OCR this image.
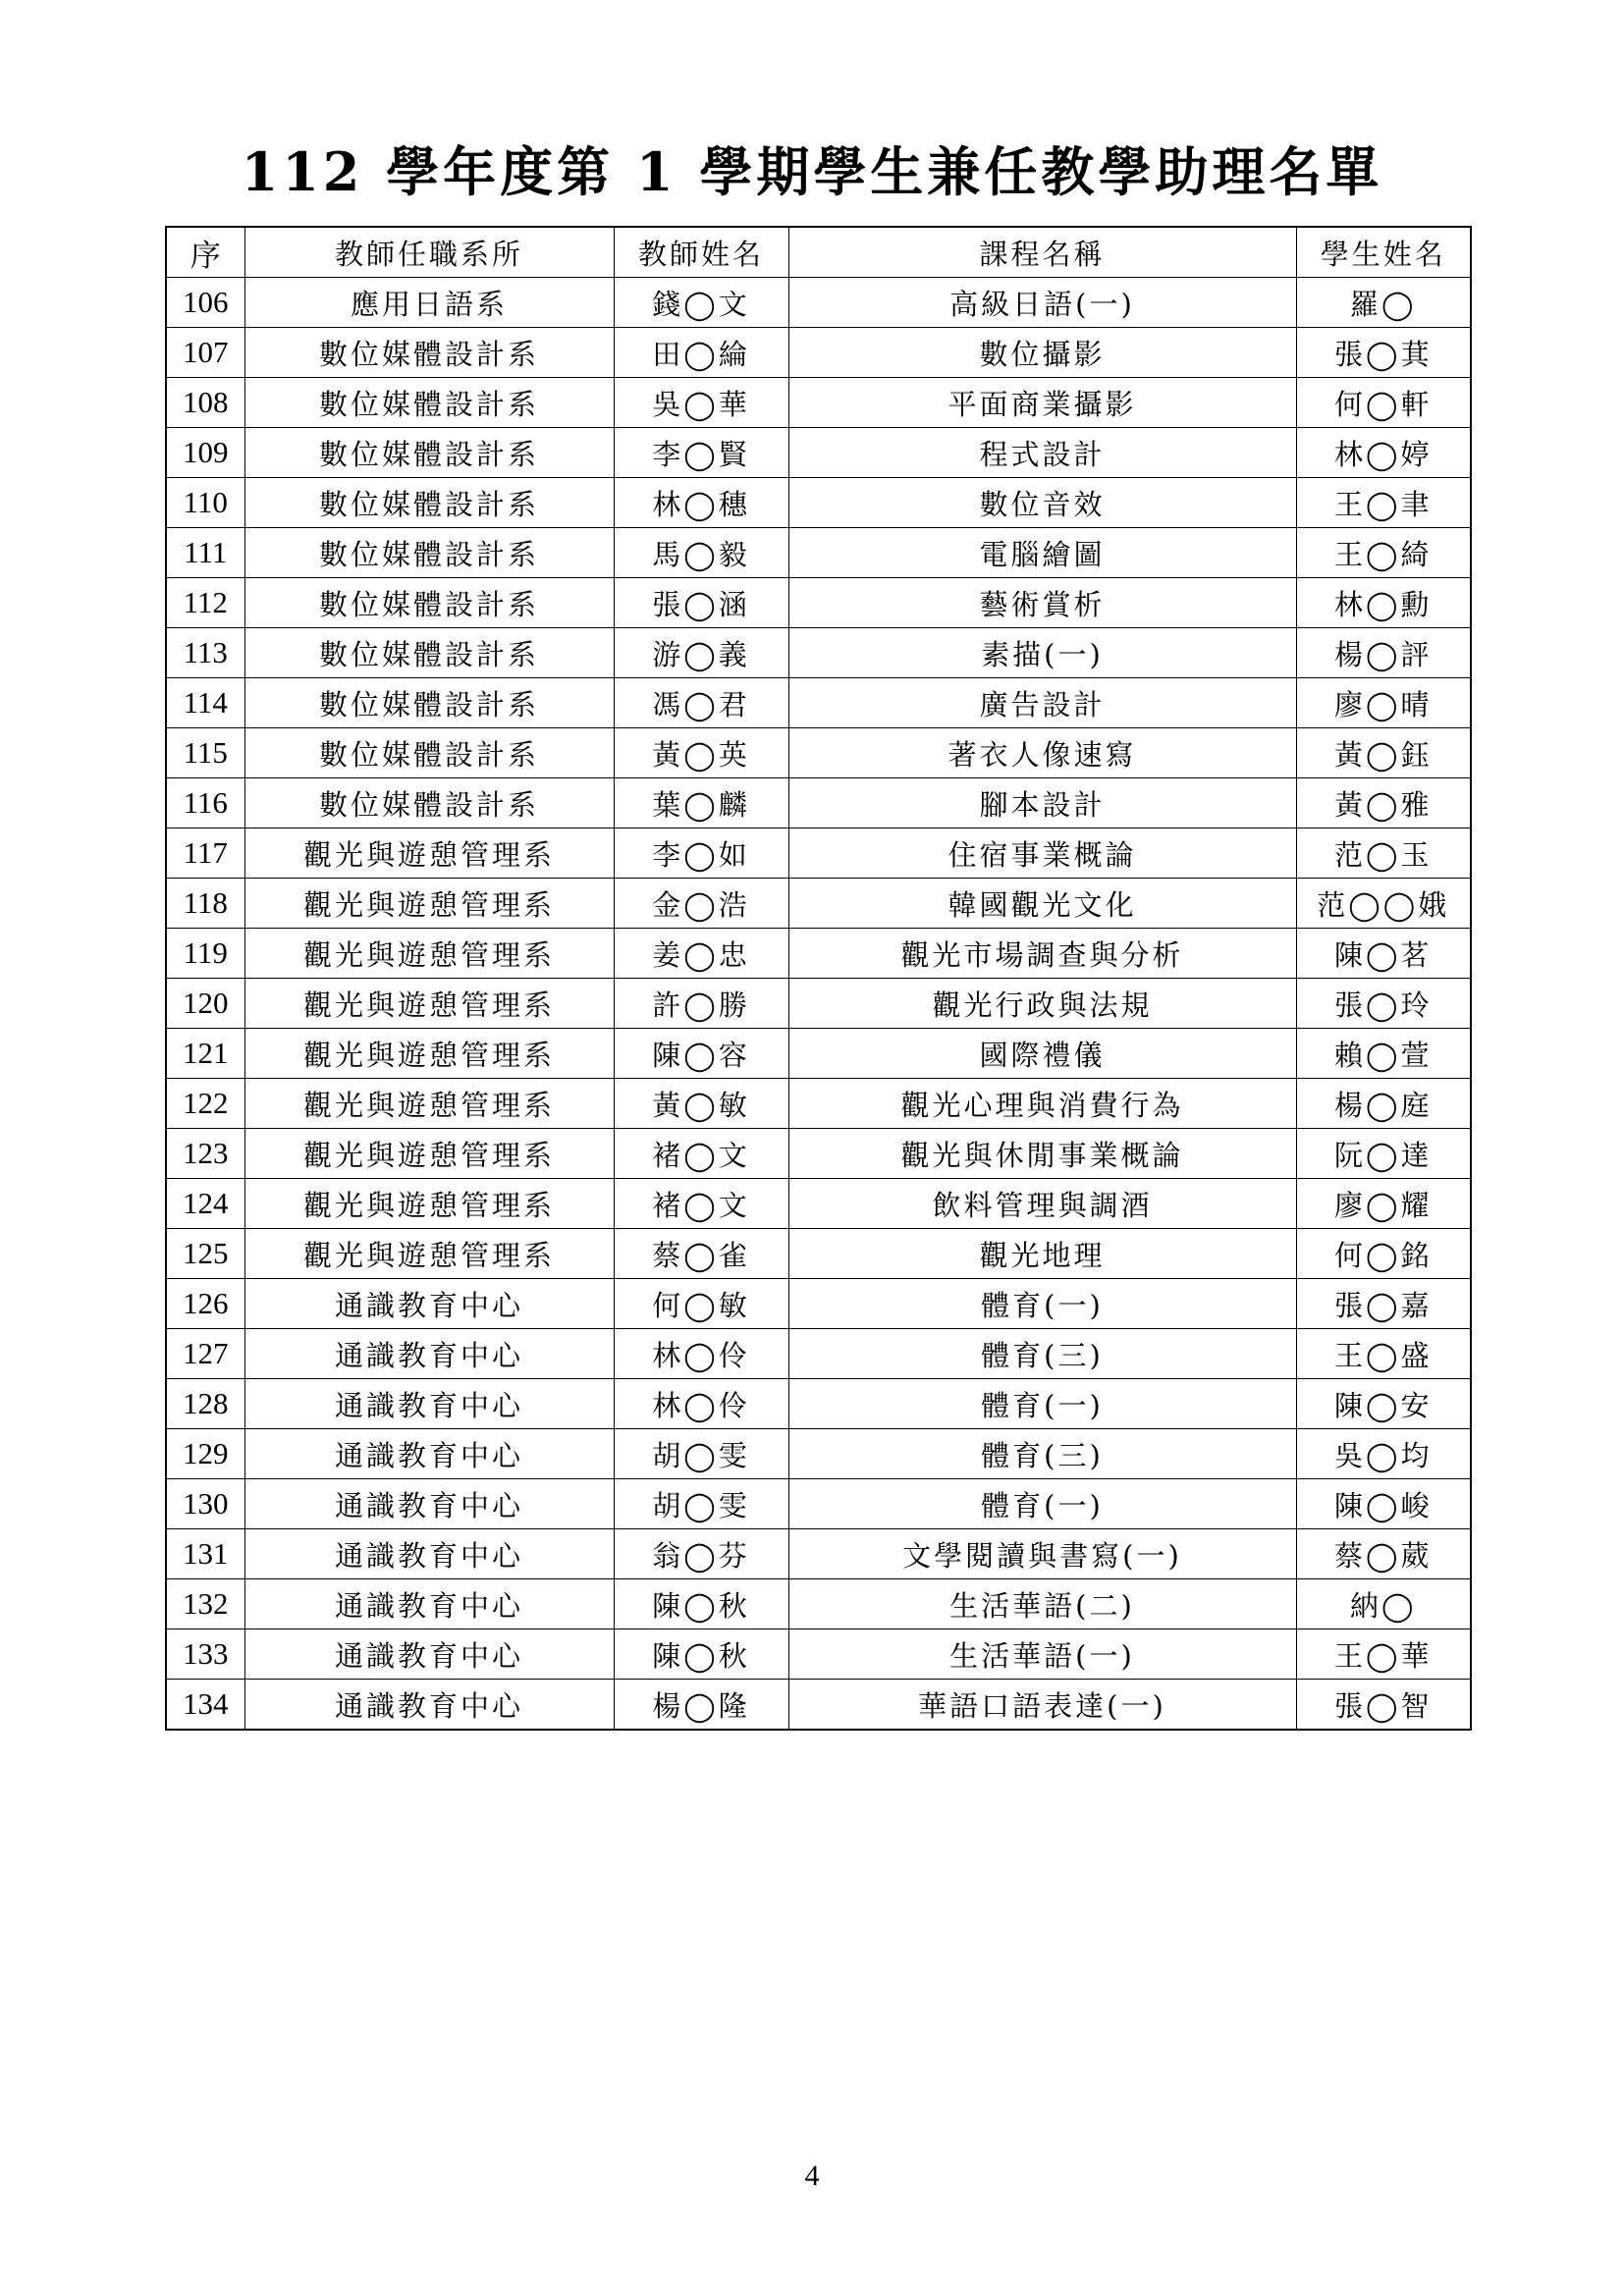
112 學年度第 1 學期學生兼任教學助理名單
序	教師任職系所	教師姓名	課程名稱	學生姓名
106	應用日語系	錢◯文	高級日語(一)	羅◯
107	數位媒體設計系	田◯綸	數位攝影	張◯萁
108	數位媒體設計系	吳◯華	平面商業攝影	何◯軒
109	數位媒體設計系	李◯賢	程式設計	林◯婷
110	數位媒體設計系	林◯穗	數位音效	王◯聿
111	數位媒體設計系	馬◯毅	電腦繪圖	王◯綺
112	數位媒體設計系	張◯涵	藝術賞析	林◯勳
113	數位媒體設計系	游◯義	素描(一)	楊◯評
114	數位媒體設計系	馮◯君	廣告設計	廖◯晴
115	數位媒體設計系	黃◯英	著衣人像速寫	黃◯鈺
116	數位媒體設計系	葉◯麟	腳本設計	黃◯雅
117	觀光與遊憩管理系	李◯如	住宿事業概論	范◯玉
118	觀光與遊憩管理系	金◯浩	韓國觀光文化	范◯◯娥
119	觀光與遊憩管理系	姜◯忠	觀光市場調查與分析	陳◯茗
120	觀光與遊憩管理系	許◯勝	觀光行政與法規	張◯玲
121	觀光與遊憩管理系	陳◯容	國際禮儀	賴◯萱
122	觀光與遊憩管理系	黃◯敏	觀光心理與消費行為	楊◯庭
123	觀光與遊憩管理系	褚◯文	觀光與休閒事業概論	阮◯達
124	觀光與遊憩管理系	褚◯文	飲料管理與調酒	廖◯耀
125	觀光與遊憩管理系	蔡◯雀	觀光地理	何◯銘
126	通識教育中心	何◯敏	體育(一)	張◯嘉
127	通識教育中心	林◯伶	體育(三)	王◯盛
128	通識教育中心	林◯伶	體育(一)	陳◯安
129	通識教育中心	胡◯雯	體育(三)	吳◯均
130	通識教育中心	胡◯雯	體育(一)	陳◯峻
131	通識教育中心	翁◯芬	文學閱讀與書寫(一)	蔡◯葳
132	通識教育中心	陳◯秋	生活華語(二)	納◯
133	通識教育中心	陳◯秋	生活華語(一)	王◯華
134	通識教育中心	楊◯隆	華語口語表達(一)	張◯智
4
